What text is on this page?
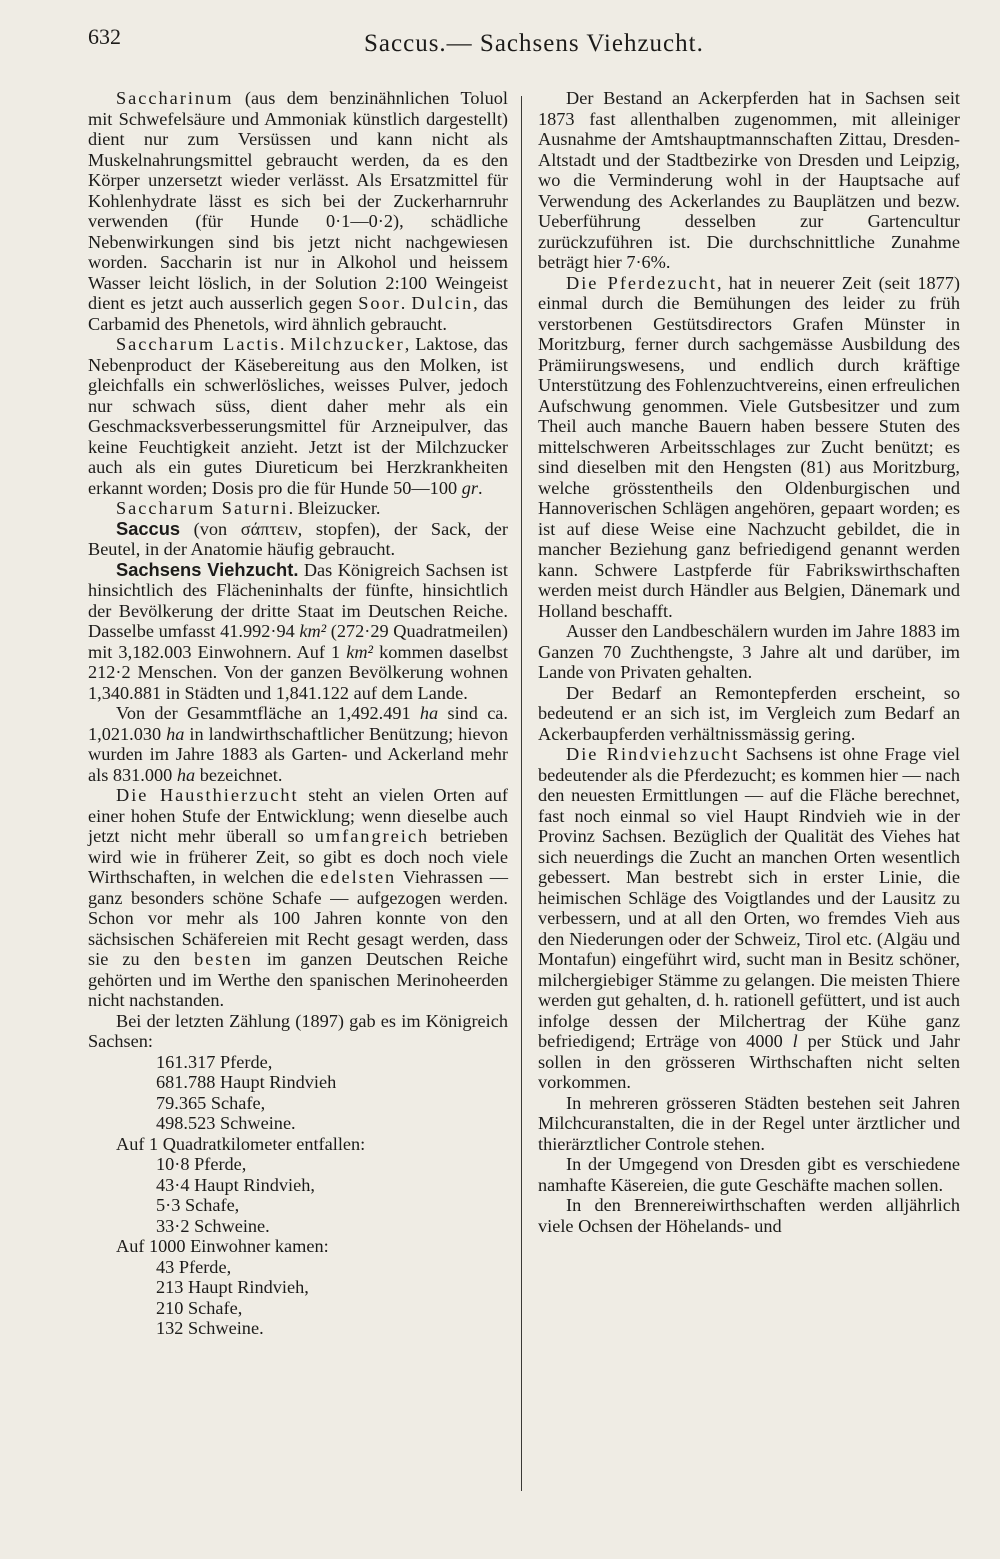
632	Saccus.— Sachsens Viehzucht.

Saccharinum (aus dem benzinähnlichen Toluol mit Schwefelsäure und Ammoniak künstlich dargestellt) dient nur zum Versüssen und kann nicht als Muskelnahrungsmittel gebraucht werden, da es den Körper unzersetzt wieder verlässt. Als Ersatzmittel für Kohlenhydrate lässt es sich bei der Zuckerharnruhr verwenden (für Hunde 0·1—0·2), schädliche Nebenwirkungen sind bis jetzt nicht nachgewiesen worden. Saccharin ist nur in Alkohol und heissem Wasser leicht löslich, in der Solution 2:100 Weingeist dient es jetzt auch ausserlich gegen Soor. Dulcin, das Carbamid des Phenetols, wird ähnlich gebraucht.

Saccharum Lactis. Milchzucker, Laktose, das Nebenproduct der Käsebereitung aus den Molken, ist gleichfalls ein schwerlösliches, weisses Pulver, jedoch nur schwach süss, dient daher mehr als ein Geschmacksverbesserungsmittel für Arzneipulver, das keine Feuchtigkeit anzieht. Jetzt ist der Milchzucker auch als ein gutes Diureticum bei Herzkrankheiten erkannt worden; Dosis pro die für Hunde 50—100 gr.

Saccharum Saturni. Bleizucker.

Saccus (von σάπτειν, stopfen), der Sack, der Beutel, in der Anatomie häufig gebraucht.

Sachsens Viehzucht. Das Königreich Sachsen ist hinsichtlich des Flächeninhalts der fünfte, hinsichtlich der Bevölkerung der dritte Staat im Deutschen Reiche. Dasselbe umfasst 41.992·94 km² (272·29 Quadratmeilen) mit 3,182.003 Einwohnern. Auf 1 km² kommen daselbst 212·2 Menschen. Von der ganzen Bevölkerung wohnen 1,340.881 in Städten und 1,841.122 auf dem Lande.

Von der Gesammtfläche an 1,492.491 ha sind ca. 1,021.030 ha in landwirthschaftlicher Benützung; hievon wurden im Jahre 1883 als Garten- und Ackerland mehr als 831.000 ha bezeichnet.

Die Hausthierzucht steht an vielen Orten auf einer hohen Stufe der Entwicklung; wenn dieselbe auch jetzt nicht mehr überall so umfangreich betrieben wird wie in früherer Zeit, so gibt es doch noch viele Wirthschaften, in welchen die edelsten Viehrassen — ganz besonders schöne Schafe — aufgezogen werden. Schon vor mehr als 100 Jahren konnte von den sächsischen Schäfereien mit Recht gesagt werden, dass sie zu den besten im ganzen Deutschen Reiche gehörten und im Werthe den spanischen Merinoheerden nicht nachstanden.

Bei der letzten Zählung (1897) gab es im Königreich Sachsen:

161.317 Pferde,
681.788 Haupt Rindvieh
79.365 Schafe,
498.523 Schweine.

Auf 1 Quadratkilometer entfallen:

10·8 Pferde,
43·4 Haupt Rindvieh,
5·3 Schafe,
33·2 Schweine.

Auf 1000 Einwohner kamen:

43 Pferde,
213 Haupt Rindvieh,
210 Schafe,
132 Schweine.

Der Bestand an Ackerpferden hat in Sachsen seit 1873 fast allenthalben zugenommen, mit alleiniger Ausnahme der Amtshauptmannschaften Zittau, Dresden-Altstadt und der Stadtbezirke von Dresden und Leipzig, wo die Verminderung wohl in der Hauptsache auf Verwendung des Ackerlandes zu Bauplätzen und bezw. Ueberführung desselben zur Gartencultur zurückzuführen ist. Die durchschnittliche Zunahme beträgt hier 7·6%.

Die Pferdezucht, hat in neuerer Zeit (seit 1877) einmal durch die Bemühungen des leider zu früh verstorbenen Gestütsdirectors Grafen Münster in Moritzburg, ferner durch sachgemässe Ausbildung des Prämiirungswesens, und endlich durch kräftige Unterstützung des Fohlenzuchtvereins, einen erfreulichen Aufschwung genommen. Viele Gutsbesitzer und zum Theil auch manche Bauern haben bessere Stuten des mittelschweren Arbeitsschlages zur Zucht benützt; es sind dieselben mit den Hengsten (81) aus Moritzburg, welche grösstentheils den Oldenburgischen und Hannoverischen Schlägen angehören, gepaart worden; es ist auf diese Weise eine Nachzucht gebildet, die in mancher Beziehung ganz befriedigend genannt werden kann. Schwere Lastpferde für Fabrikswirthschaften werden meist durch Händler aus Belgien, Dänemark und Holland beschafft.

Ausser den Landbeschälern wurden im Jahre 1883 im Ganzen 70 Zuchthengste, 3 Jahre alt und darüber, im Lande von Privaten gehalten.

Der Bedarf an Remontepferden erscheint, so bedeutend er an sich ist, im Vergleich zum Bedarf an Ackerbaupferden verhältnissmässig gering.

Die Rindviehzucht Sachsens ist ohne Frage viel bedeutender als die Pferdezucht; es kommen hier — nach den neuesten Ermittlungen — auf die Fläche berechnet, fast noch einmal so viel Haupt Rindvieh wie in der Provinz Sachsen. Bezüglich der Qualität des Viehes hat sich neuerdings die Zucht an manchen Orten wesentlich gebessert. Man bestrebt sich in erster Linie, die heimischen Schläge des Voigtlandes und der Lausitz zu verbessern, und at all den Orten, wo fremdes Vieh aus den Niederungen oder der Schweiz, Tirol etc. (Algäu und Montafun) eingeführt wird, sucht man in Besitz schöner, milchergiebiger Stämme zu gelangen. Die meisten Thiere werden gut gehalten, d. h. rationell gefüttert, und ist auch infolge dessen der Milchertrag der Kühe ganz befriedigend; Erträge von 4000 l per Stück und Jahr sollen in den grösseren Wirthschaften nicht selten vorkommen.

In mehreren grösseren Städten bestehen seit Jahren Milchcuranstalten, die in der Regel unter ärztlicher und thierärztlicher Controle stehen.

In der Umgegend von Dresden gibt es verschiedene namhafte Käsereien, die gute Geschäfte machen sollen.

In den Brennereiwirthschaften werden alljährlich viele Ochsen der Höhelands- und
